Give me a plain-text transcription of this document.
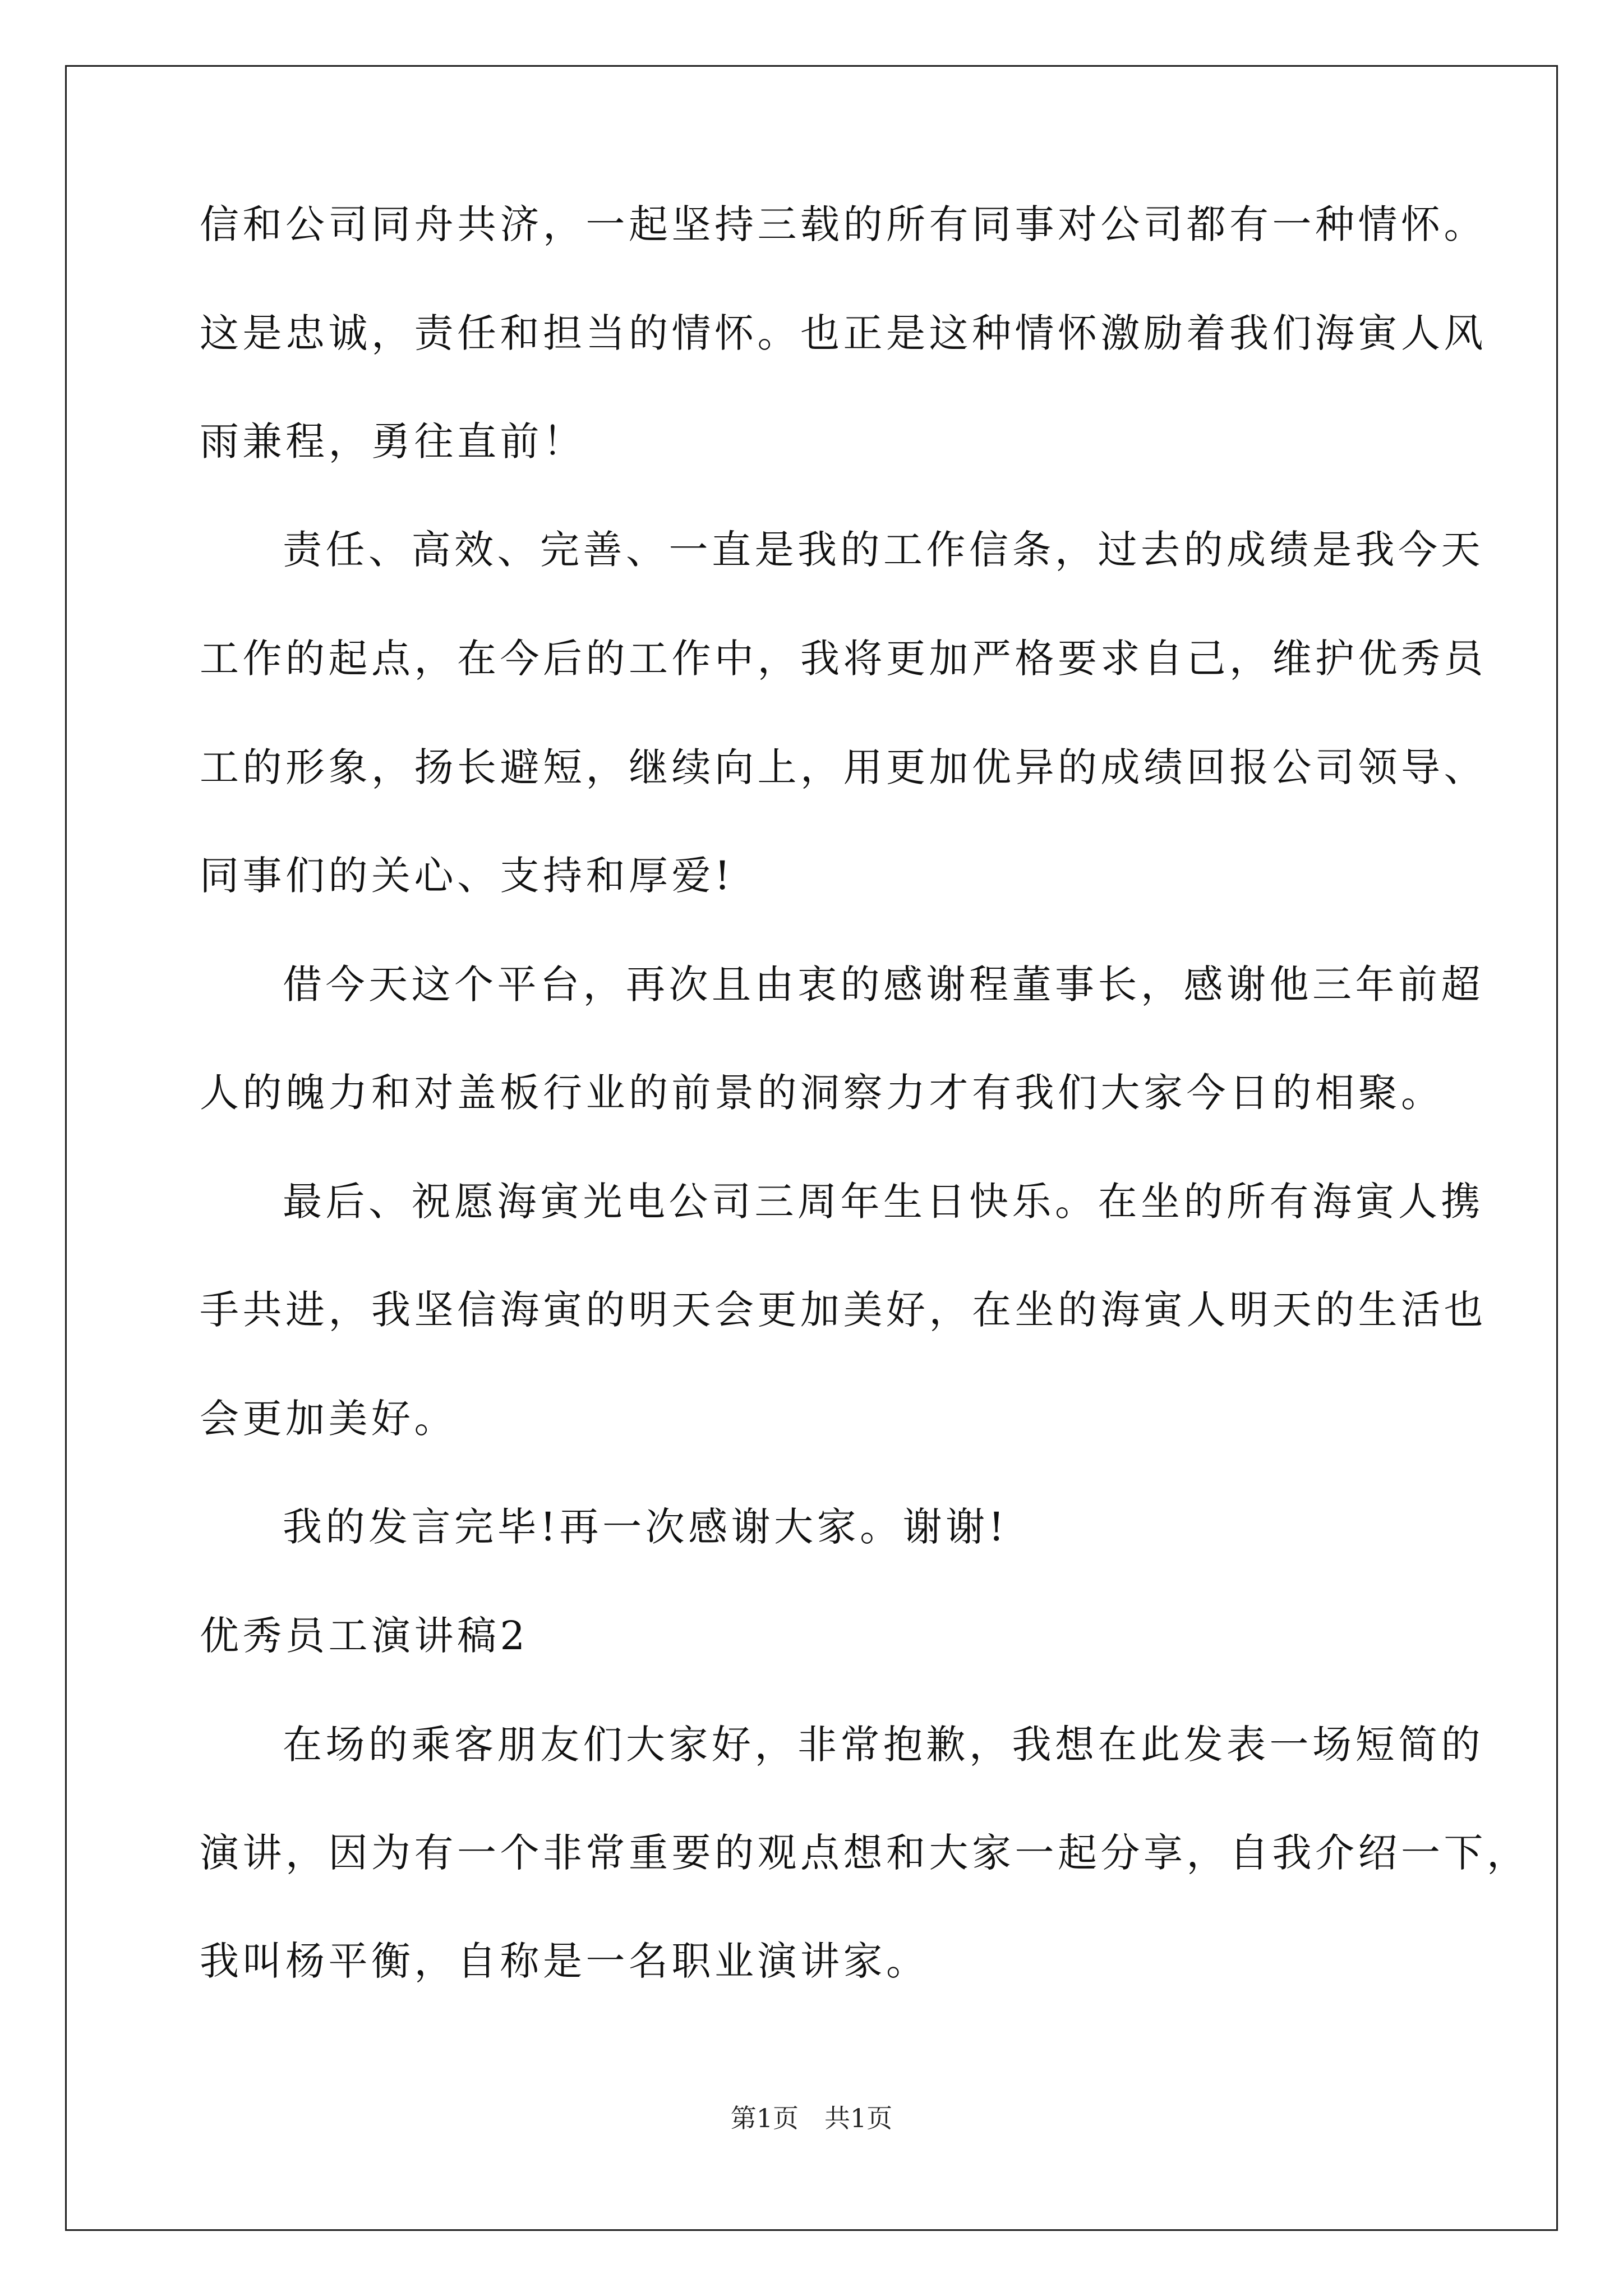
信和公司同舟共济，一起坚持三载的所有同事对公司都有一种情怀。
这是忠诚，责任和担当的情怀。也正是这种情怀激励着我们海寅人风
雨兼程，勇往直前！
责任、高效、完善、一直是我的工作信条，过去的成绩是我今天
工作的起点，在今后的工作中，我将更加严格要求自己，维护优秀员
工的形象，扬长避短，继续向上，用更加优异的成绩回报公司领导、
同事们的关心、支持和厚爱!
借今天这个平台，再次且由衷的感谢程董事长，感谢他三年前超
人的魄力和对盖板行业的前景的洞察力才有我们大家今日的相聚。
最后、祝愿海寅光电公司三周年生日快乐。在坐的所有海寅人携
手共进，我坚信海寅的明天会更加美好，在坐的海寅人明天的生活也
会更加美好。
我的发言完毕!再一次感谢大家。谢谢!
优秀员工演讲稿2
在场的乘客朋友们大家好，非常抱歉，我想在此发表一场短简的
演讲，因为有一个非常重要的观点想和大家一起分享，自我介绍一下，
我叫杨平衡，自称是一名职业演讲家。
第1页　共1页
